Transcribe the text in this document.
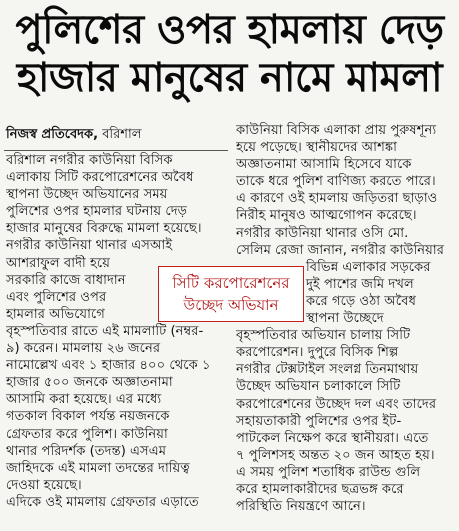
পুলিশের ওপর হামলায় দেড়
হাজার মানুষের নামে মামলা
নিজস্ব প্রতিবেদক, বরিশাল
বরিশাল নগরীর কাউনিয়া বিসিক
এলাকায় সিটি করপোরেশনের অবৈধ
স্থাপনা উচ্ছেদ অভিযানের সময়
পুলিশের ওপর হামলার ঘটনায় দেড়
হাজার মানুষের বিরুদ্ধে মামলা হয়েছে।
নগরীর কাউনিয়া থানার এসআই
আশরাফুল বাদী হয়ে
সরকারি কাজে বাধাদান
এবং পুলিশের ওপর
হামলার অভিযোগে
বৃহস্পতিবার রাতে এই মামলাটি (নম্বর-
৯) করেন। মামলায় ২৬ জনের
নামোল্লেখ এবং ১ হাজার ৪০০ থেকে ১
হাজার ৫০০ জনকে অজ্ঞাতনামা
আসামি করা হয়েছে। এর মধ্যে
গতকাল বিকাল পর্যন্ত নয়জনকে
গ্রেফতার করে পুলিশ। কাউনিয়া
থানার পরিদর্শক (তদন্ত) এসএম
জাহিদকে এই মামলা তদন্তের দায়িত্ব
দেওয়া হয়েছে।
এদিকে ওই মামলায় গ্রেফতার এড়াতে
কাউনিয়া বিসিক এলাকা প্রায় পুরুষশূন্য
হয়ে পড়েছে। স্থানীয়দের আশঙ্কা
অজ্ঞাতনামা আসামি হিসেবে যাকে
তাকে ধরে পুলিশ বাণিজ্য করতে পারে।
এ কারণে ওই হামলায় জড়িতরা ছাড়াও
নিরীহ মানুষও আত্মগোপন করেছে।
নগরীর কাউনিয়া থানার ওসি মো.
সেলিম রেজা জানান, নগরীর কাউনিয়ার
বিভিন্ন এলাকার সড়কের
দুই পাশের জমি দখল
করে গড়ে ওঠা অবৈধ
স্থাপনা উচ্ছেদে
বৃহস্পতিবার অভিযান চালায় সিটি
করপোরেশন। দুপুরে বিসিক শিল্প
নগরীর টেক্সটাইল সংলগ্ন তিনমাথায়
উচ্ছেদ অভিযান চলাকালে সিটি
করপোরেশনের উচ্ছেদ দল এবং তাদের
সহায়তাকারী পুলিশের ওপর ইট-
পাটকেল নিক্ষেপ করে স্থানীয়রা। এতে
৭ পুলিশসহ অন্তত ২০ জন আহত হয়।
এ সময় পুলিশ শতাধিক রাউন্ড গুলি
করে হামলাকারীদের ছত্রভঙ্গ করে
পরিস্থিতি নিয়ন্ত্রণে আনে।
সিটি করপোরেশনের
উচ্ছেদ অভিযান
